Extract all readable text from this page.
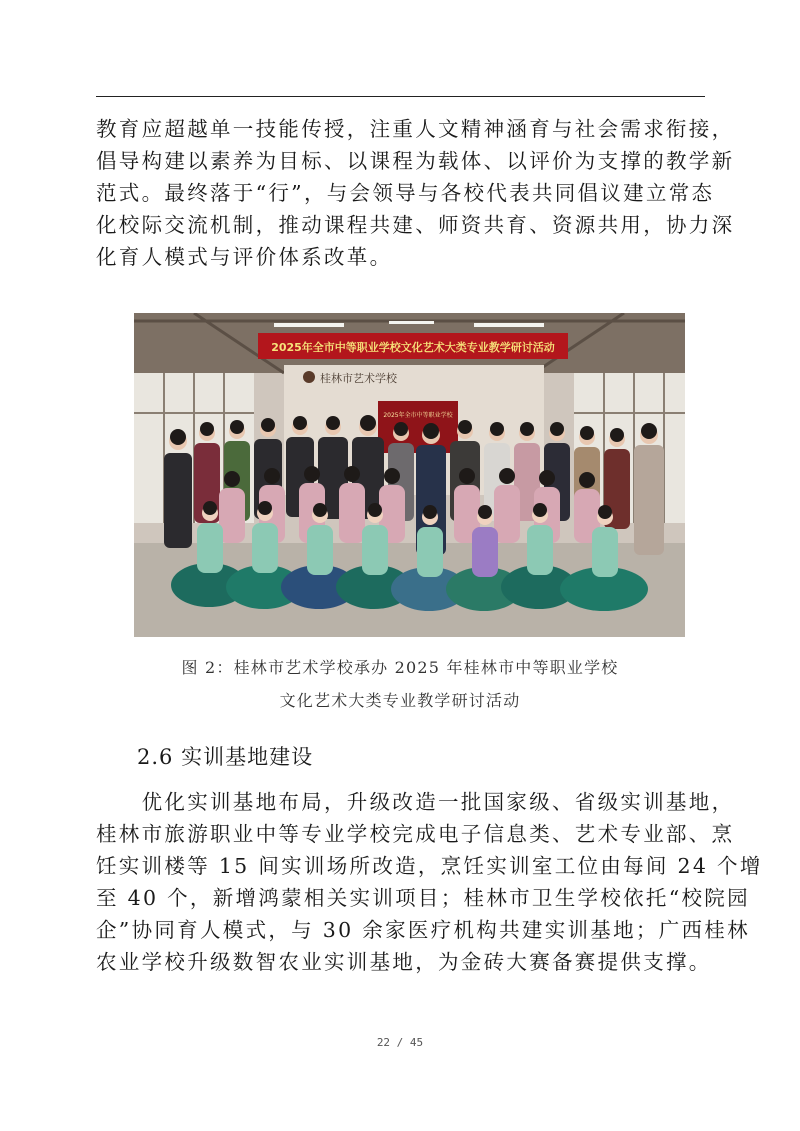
教育应超越单一技能传授，注重人文精神涵育与社会需求衔接，
倡导构建以素养为目标、以课程为载体、以评价为支撑的教学新
范式。最终落于“行”，与会领导与各校代表共同倡议建立常态
化校际交流机制，推动课程共建、师资共育、资源共用，协力深
化育人模式与评价体系改革。
2025年全市中等职业学校文化艺术大类专业教学研讨活动
桂林市艺术学校
2025年全市中等职业学校
图 2：桂林市艺术学校承办 2025 年桂林市中等职业学校
文化艺术大类专业教学研讨活动
2.6 实训基地建设
　　优化实训基地布局，升级改造一批国家级、省级实训基地，
桂林市旅游职业中等专业学校完成电子信息类、艺术专业部、烹
饪实训楼等 15 间实训场所改造，烹饪实训室工位由每间 24 个增
至 40 个，新增鸿蒙相关实训项目；桂林市卫生学校依托“校院园
企”协同育人模式，与 30 余家医疗机构共建实训基地；广西桂林
农业学校升级数智农业实训基地，为金砖大赛备赛提供支撑。
22 / 45
